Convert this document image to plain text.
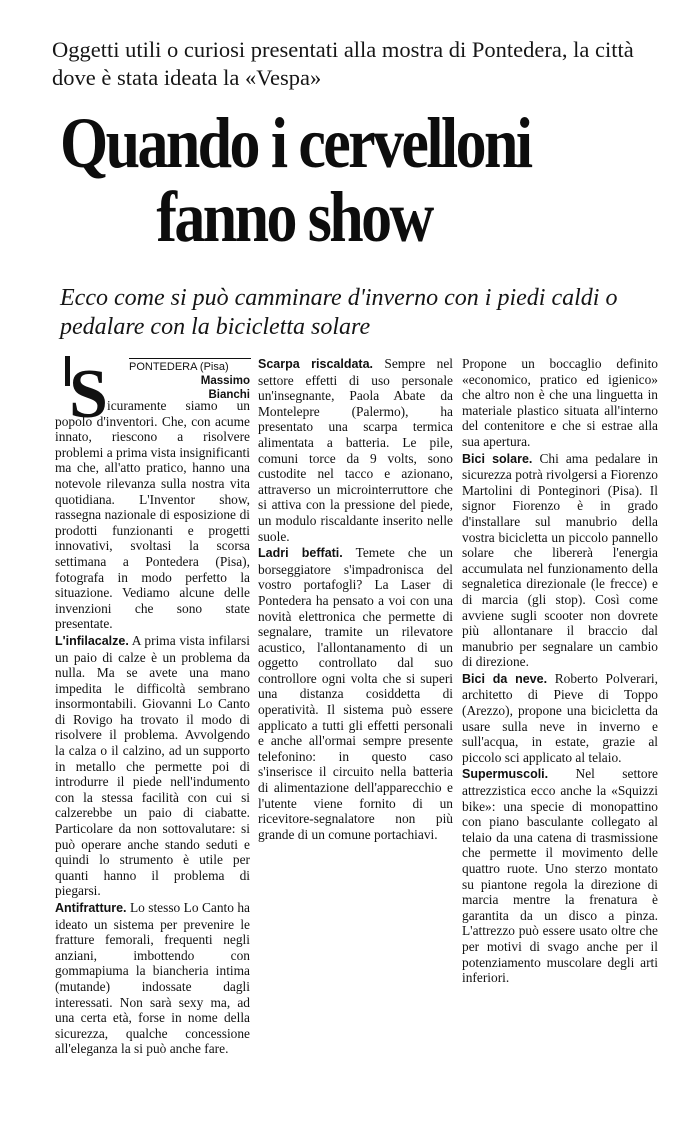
Oggetti utili o curiosi presentati alla mostra di Pontedera, la città dove è stata ideata la «Vespa»
Quando i cervelloni
fanno show
Ecco come si può camminare d'inverno con i piedi caldi o pedalare con la bicicletta solare
S PONTEDERA (Pisa)
Massimo
Bianchi

icuramente siamo un popolo d'inventori. Che, con acume innato, riescono a risolvere problemi a prima vista insignificanti ma che, all'atto pratico, hanno una notevole rilevanza sulla nostra vita quotidiana. L'Inventor show, rassegna nazionale di esposizione di prodotti funzionanti e progetti innovativi, svoltasi la scorsa settimana a Pontedera (Pisa), fotografa in modo perfetto la situazione. Vediamo alcune delle invenzioni che sono state presentate.

L'infilacalze. A prima vista infilarsi un paio di calze è un problema da nulla. Ma se avete una mano impedita le difficoltà sembrano insormontabili. Giovanni Lo Canto di Rovigo ha trovato il modo di risolvere il problema. Avvolgendo la calza o il calzino, ad un supporto in metallo che permette poi di introdurre il piede nell'indumento con la stessa facilità con cui si calzerebbe un paio di ciabatte. Particolare da non sottovalutare: si può operare anche stando seduti e quindi lo strumento è utile per quanti hanno il problema di piegarsi.

Antifratture. Lo stesso Lo Canto ha ideato un sistema per prevenire le fratture femorali, frequenti negli anziani, imbottendo con gommapiuma la biancheria intima (mutande) indossate dagli interessati. Non sarà sexy ma, ad una certa età, forse in nome della sicurezza, qualche concessione all'eleganza la si può anche fare.

Scarpa riscaldata. Sempre nel settore effetti di uso personale un'insegnante, Paola Abate da Montelepre (Palermo), ha presentato una scarpa termica alimentata a batteria. Le pile, comuni torce da 9 volts, sono custodite nel tacco e azionano, attraverso un microinterruttore che si attiva con la pressione del piede, un modulo riscaldante inserito nelle suole.

Ladri beffati. Temete che un borseggiatore s'impadronisca del vostro portafogli? La Laser di Pontedera ha pensato a voi con una novità elettronica che permette di segnalare, tramite un rilevatore acustico, l'allontanamento di un oggetto controllato dal suo controllore ogni volta che si superi una distanza cosiddetta di operatività. Il sistema può essere applicato a tutti gli effetti personali e anche all'ormai sempre presente telefonino: in questo caso s'inserisce il circuito nella batteria di alimentazione dell'apparecchio e l'utente viene fornito di un ricevitore-segnalatore non più grande di un comune portachiavi.

Propone un boccaglio definito «economico, pratico ed igienico» che altro non è che una linguetta in materiale plastico situata all'interno del contenitore e che si estrae alla sua apertura.

Bici solare. Chi ama pedalare in sicurezza potrà rivolgersi a Fiorenzo Martolini di Ponteginori (Pisa). Il signor Fiorenzo è in grado d'installare sul manubrio della vostra bicicletta un piccolo pannello solare che libererà l'energia accumulata nel funzionamento della segnaletica direzionale (le frecce) e di marcia (gli stop). Così come avviene sugli scooter non dovrete più allontanare il braccio dal manubrio per segnalare un cambio di direzione.

Bici da neve. Roberto Polverari, architetto di Pieve di Toppo (Arezzo), propone una bicicletta da usare sulla neve in inverno e sull'acqua, in estate, grazie al piccolo sci applicato al telaio.

Supermuscoli. Nel settore attrezzistica ecco anche la «Squizzi bike»: una specie di monopattino con piano basculante collegato al telaio da una catena di trasmissione che permette il movimento delle quattro ruote. Uno sterzo montato su piantone regola la direzione di marcia mentre la frenatura è garantita da un disco a pinza. L'attrezzo può essere usato oltre che per motivi di svago anche per il potenziamento muscolare degli arti inferiori.
